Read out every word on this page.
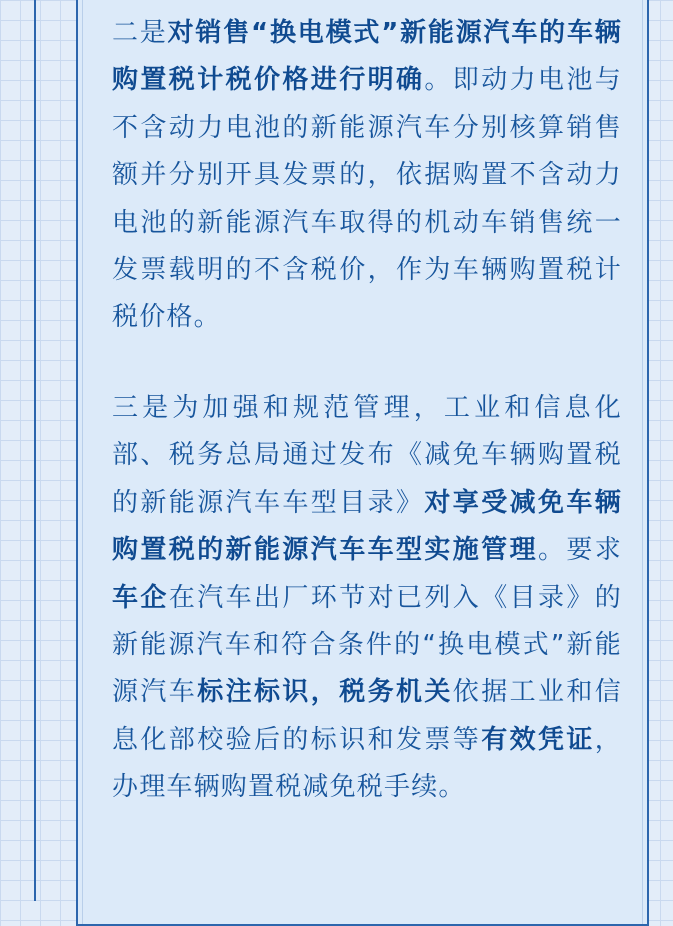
二是对销售“换电模式”新能源汽车的车辆购置税计税价格进行明确。即动力电池与不含动力电池的新能源汽车分别核算销售额并分别开具发票的，依据购置不含动力电池的新能源汽车取得的机动车销售统一发票载明的不含税价，作为车辆购置税计税价格。

三是为加强和规范管理，工业和信息化部、税务总局通过发布《减免车辆购置税的新能源汽车车型目录》对享受减免车辆购置税的新能源汽车车型实施管理。要求车企在汽车出厂环节对已列入《目录》的新能源汽车和符合条件的“换电模式”新能源汽车标注标识，税务机关依据工业和信息化部校验后的标识和发票等有效凭证，办理车辆购置税减免税手续。
